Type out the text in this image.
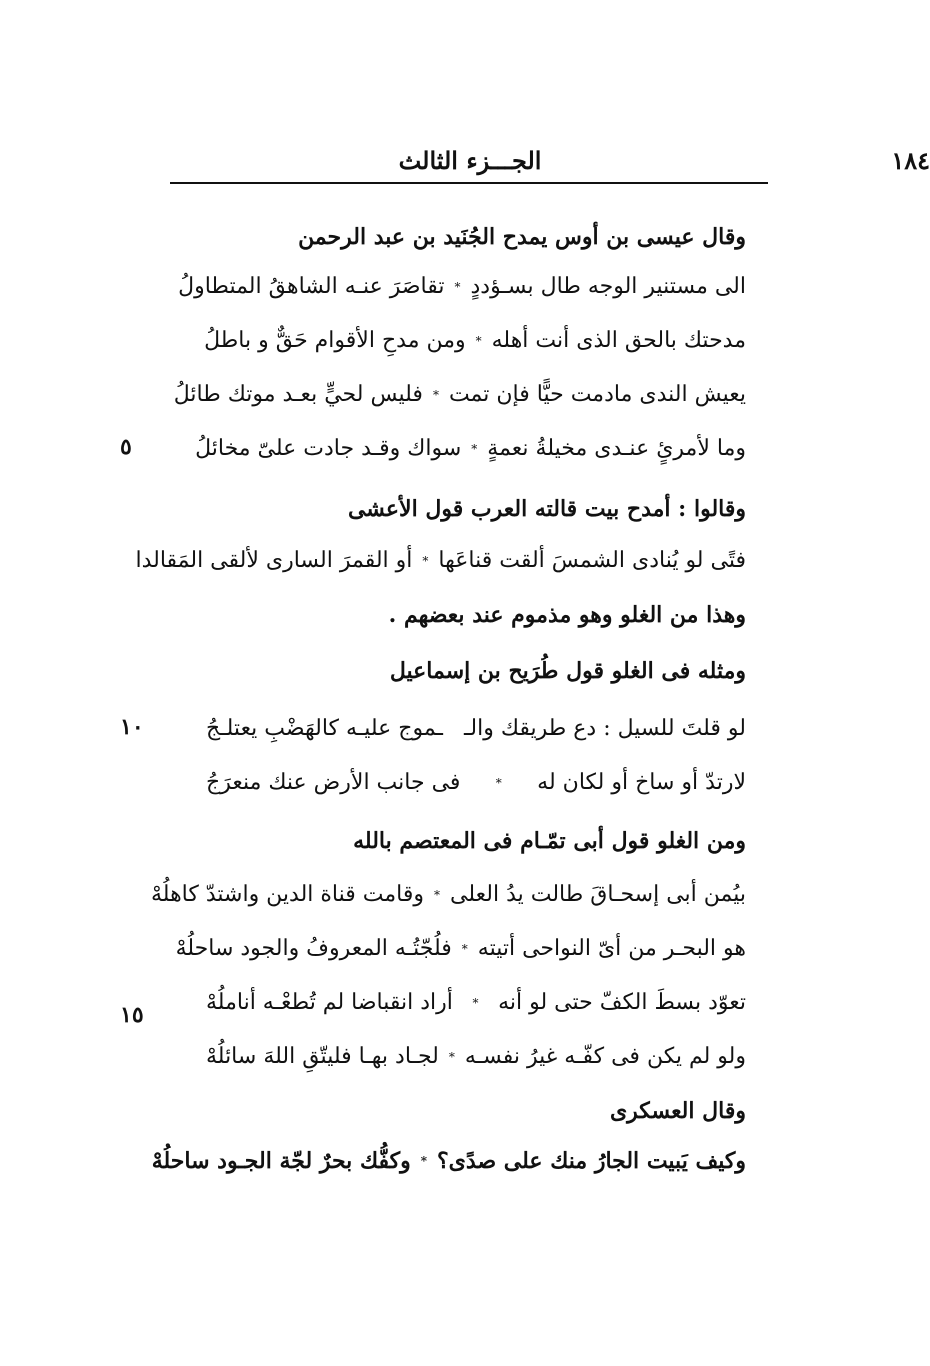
١٨٤
الجـــزء الثالث
وقال عيسى بن أوس يمدح الجُنَيد بن عبد الرحمن
الى مستنير الوجه طال بسـؤددٍ
*
تقاصَرَ عنـه الشاهقُ المتطاولُ
مدحتك بالحق الذى أنت أهله
*
ومن مدحِ الأقوام حَقٌّ و باطلُ
يعيش الندى مادمت حيًّا فإن تمت
*
فليس لحيٍّ بعـد موتك طائلُ
وما لأمرئٍ عنـدى مخيلةُ نعمةٍ
*
سواك وقـد جادت علىّ مخائلُ
٥
وقالوا : أمدح بيت قالته العرب قول الأعشى
فتًى لو يُنادى الشمسَ ألقت قناعَها
*
أو القمرَ السارى لألقى المَقالدا
وهذا من الغلو وهو مذموم عند بعضهم .
ومثله فى الغلو قول طُرَيح بن إسماعيل
لو قلتَ للسيل : دع طريقك والـ
ـموج عليـه كالهَضْبِ يعتلـجُ
١٠
لارتدّ أو ساخ أو لكان له
*
فى جانب الأرض عنك منعرَجُ
ومن الغلو قول أبى تمّـام فى المعتصم بالله
بيُمن أبى إسحـاقَ طالت يدُ العلى
*
وقامت قناة الدين واشتدّ كاهلُهْ
هو البحـر من أىّ النواحى أتيته
*
فلُجّتُـه المعروفُ والجود ساحلُهْ
تعوّد بسطَ الكفّ حتى لو أنه
*
أراد انقباضا لم تُطعْـه أناملُهْ
١٥
ولو لم يكن فى كفّـه غيرُ نفسـه
*
لجـاد بهـا فليتّقِ اللهَ سائلُهْ
وقال العسكرى
وكيف يَبيت الجارُ منك على صدًى؟
*
وكفُّك بحرٌ لجّة الجـود ساحلُهْ
